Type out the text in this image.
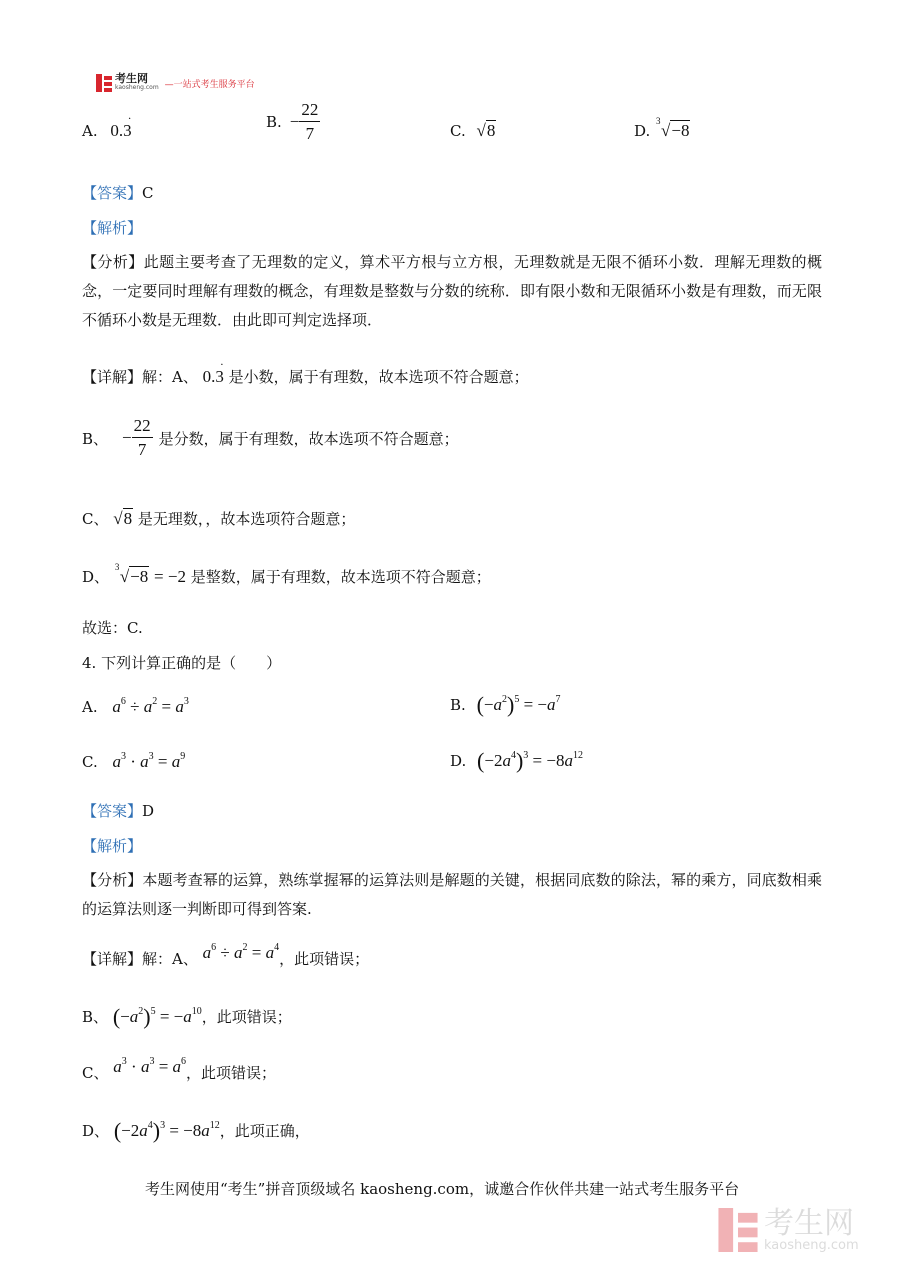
考生网
kaosheng.com —一站式考生服务平台
A. 0.3
·	B. − $\frac{22}{7}$	C. √8	D.
3 √−8
【答案】C
【解析】
【分析】此题主要考查了无理数的定义，算术平方根与立方根，无理数就是无限不循环小数．理解无理数的概念，一定要同时理解有理数的概念，有理数是整数与分数的统称．即有限小数和无限循环小数是有理数，而无限不循环小数是无理数．由此即可判定选择项．
【详解】解：A、 0.3
·
是小数，属于有理数，故本选项不符合题意；
B、 − $\frac{22}{7}$ 是分数，属于有理数，故本选项不符合题意；
C、 √8 是无理数，，故本选项符合题意；
D、
3 √−8 = −2 是整数，属于有理数，故本选项不符合题意；
故选：C.
4. 下列计算正确的是（　　）
A. $a^6 \div a^2 = a^3$	B. $(-a^2)^5 = -a^7$
C. $a^3 \cdot a^3 = a^9$	D. $(-2a^4)^3 = -8a^{12}$
【答案】D
【解析】
【分析】本题考查幂的运算，熟练掌握幂的运算法则是解题的关键，根据同底数的除法，幂的乘方，同底数相乘的运算法则逐一判断即可得到答案.
【详解】解：A、 $a^6 \div a^2 = a^4$，此项错误；
B、 $(-a^2)^5 = -a^{10}$，此项错误；
C、 $a^3 \cdot a^3 = a^6$，此项错误；
D、 $(-2a^4)^3 = -8a^{12}$，此项正确，
考生网使用“考生”拼音顶级域名 kaosheng.com，诚邀合作伙伴共建一站式考生服务平台
考生网
kaosheng.com
